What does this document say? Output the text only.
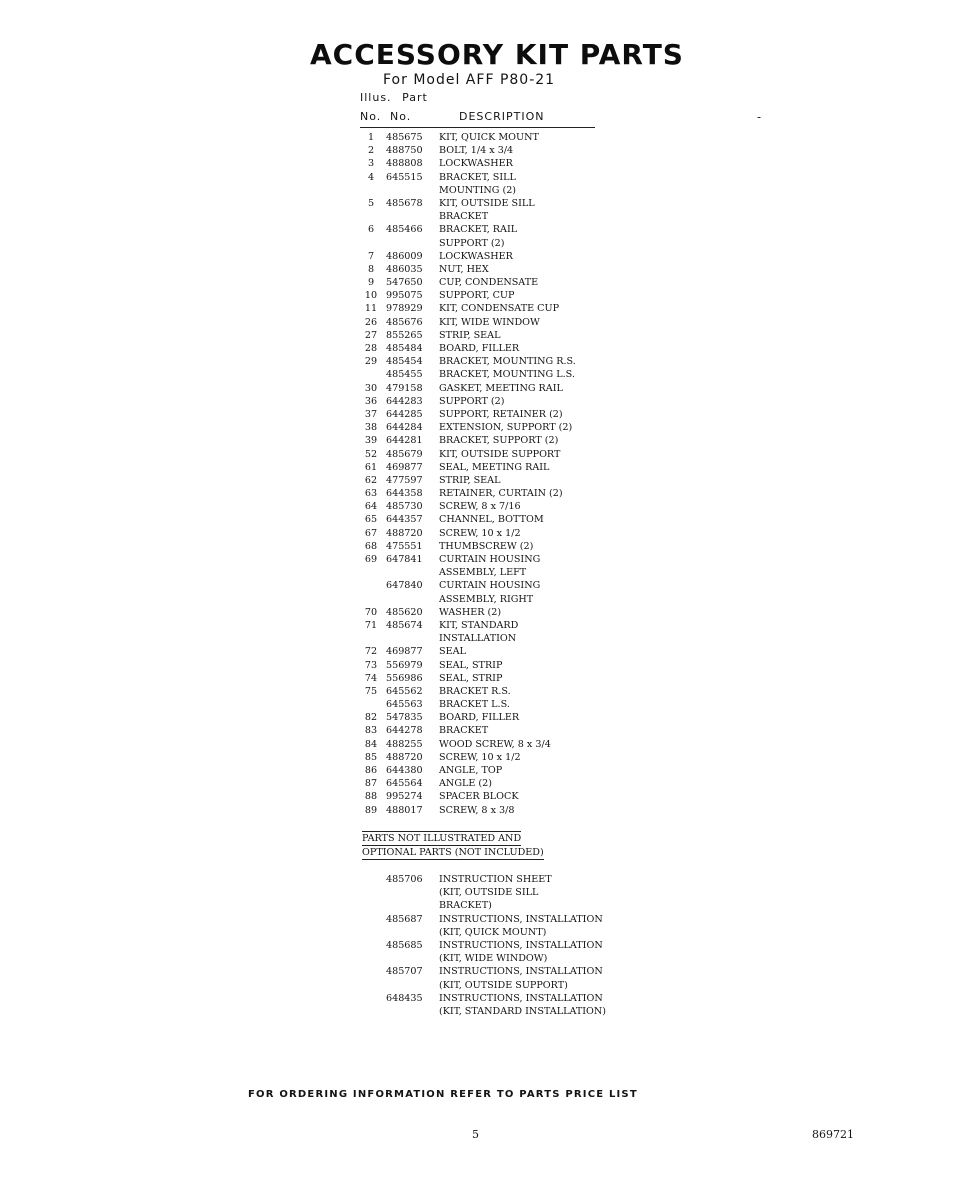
ACCESSORY KIT PARTS
For Model AFF P80-21
Illus. Part
No. No.	DESCRIPTION	-
1	485675	KIT, QUICK MOUNT
2	488750	BOLT, 1/4 x 3/4
3	488808	LOCKWASHER
4	645515	BRACKET, SILL
MOUNTING (2)
5	485678	KIT, OUTSIDE SILL
BRACKET
6	485466	BRACKET, RAIL
SUPPORT (2)
7	486009	LOCKWASHER
8	486035	NUT, HEX
9	547650	CUP, CONDENSATE
10 995075	SUPPORT, CUP
11 978929	KIT, CONDENSATE CUP
26 485676	KIT, WIDE WINDOW
27 855265	STRIP, SEAL
28 485484	BOARD, FILLER
29 485454	BRACKET, MOUNTING R.S.
485455	BRACKET, MOUNTING L.S.
30 479158	GASKET, MEETING RAIL
36 644283	SUPPORT (2)
37 644285	SUPPORT, RETAINER (2)
38 644284	EXTENSION, SUPPORT (2)
39 644281	BRACKET, SUPPORT (2)
52 485679	KIT, OUTSIDE SUPPORT
61 469877	SEAL, MEETING RAIL
62 477597	STRIP, SEAL
63 644358	RETAINER, CURTAIN (2)
64 485730	SCREW, 8 x 7/16
65 644357	CHANNEL, BOTTOM
67 488720	SCREW, 10 x 1/2
68 475551	THUMBSCREW (2)
69 647841	CURTAIN HOUSING
ASSEMBLY, LEFT
647840	CURTAIN HOUSING
ASSEMBLY, RIGHT
70 485620	WASHER (2)
71 485674	KIT, STANDARD
INSTALLATION
72 469877	SEAL
73 556979	SEAL, STRIP
74 556986	SEAL, STRIP
75 645562	BRACKET R.S.
645563	BRACKET L.S.
82 547835	BOARD, FILLER
83 644278	BRACKET
84 488255	WOOD SCREW, 8 x 3/4
85 488720	SCREW, 10 x 1/2
86 644380	ANGLE, TOP
87 645564	ANGLE (2)
88 995274	SPACER BLOCK
89 488017	SCREW, 8 x 3/8
PARTS NOT ILLUSTRATED AND
OPTIONAL PARTS (NOT INCLUDED)
485706	INSTRUCTION SHEET
(KIT, OUTSIDE SILL
BRACKET)
485687	INSTRUCTIONS, INSTALLATION
(KIT, QUICK MOUNT)
485685	INSTRUCTIONS, INSTALLATION
(KIT, WIDE WINDOW)
485707	INSTRUCTIONS, INSTALLATION
(KIT, OUTSIDE SUPPORT)
648435	INSTRUCTIONS, INSTALLATION
(KIT, STANDARD INSTALLATION)
FOR ORDERING INFORMATION REFER TO PARTS PRICE LIST
5	869721
